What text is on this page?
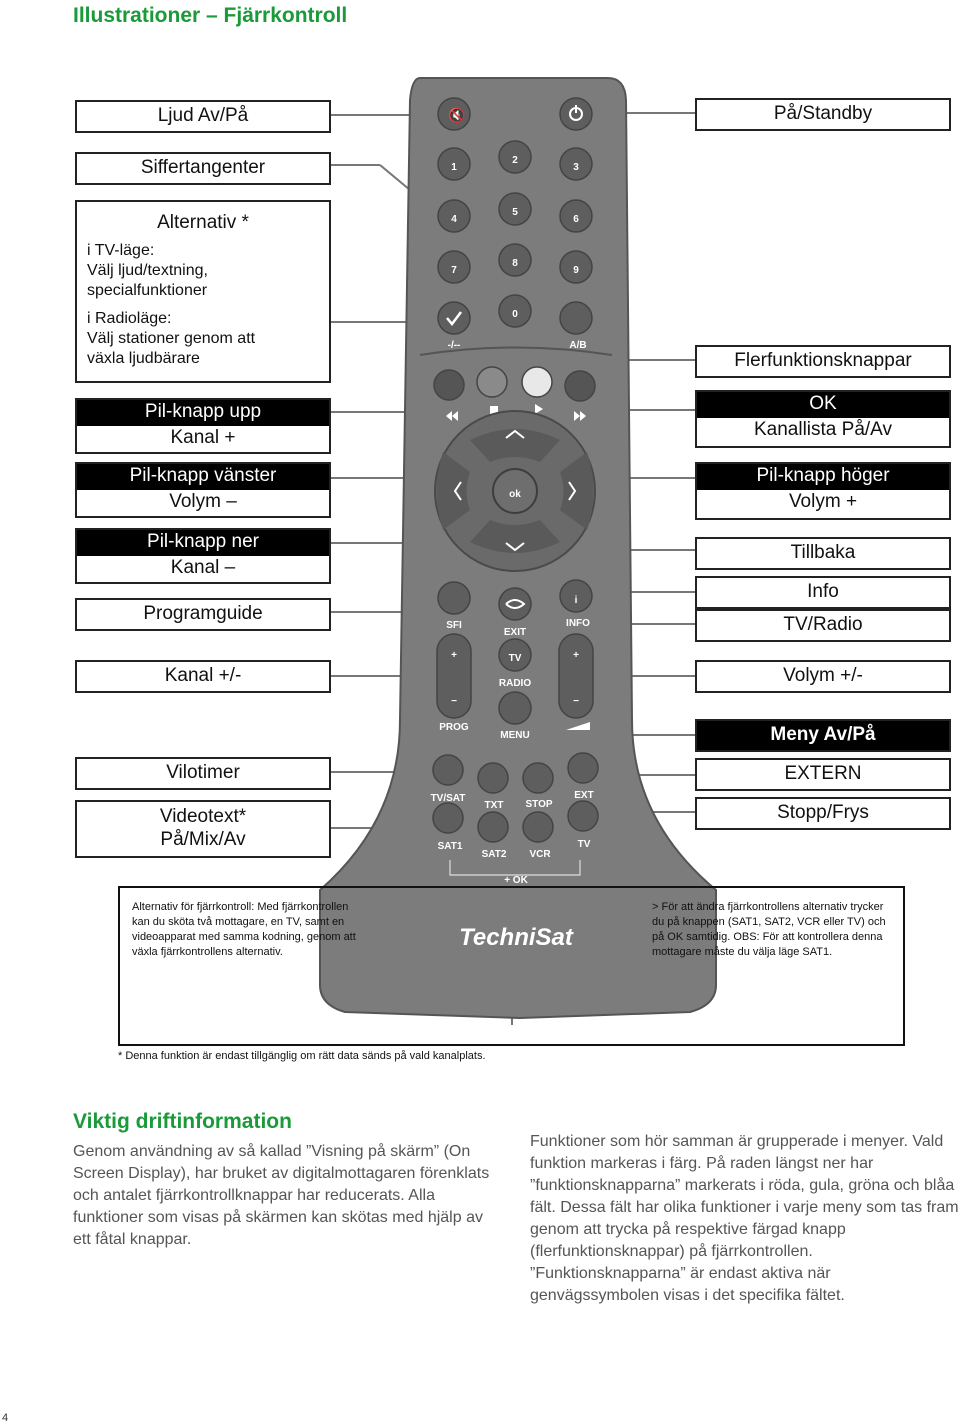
Illustrationer – Fjärrkontroll
🔇
1
2
3
4
5
6
7
8
9
0
-/--	A/B
ok
i
+
−
+
−
SFI
EXIT
INFO
TV
RADIO
PROG
MENU
TV/SAT
TXT STOP
EXT
SAT1
SAT2 VCR
TV
+ OK
TechniSat
Ljud Av/På
Siffertangenter
Alternativ *
i TV-läge:
Välj ljud/textning,
specialfunktioner
i Radioläge:
Välj stationer genom att
växla ljudbärare
Pil-knapp upp
Kanal +
Pil-knapp vänster
Volym –
Pil-knapp ner
Kanal –
Programguide
Kanal +/-
Vilotimer
Videotext*
På/Mix/Av
På/Standby
Flerfunktionsknappar
OK
Kanallista På/Av
Pil-knapp höger
Volym +
Tillbaka
Info
TV/Radio
Volym +/-
Meny Av/På
EXTERN
Stopp/Frys
Alternativ för fjärrkontroll: Med fjärrkontrollen kan du sköta två mottagare, en TV, samt en videoapparat med samma kodning, genom att växla fjärrkontrollens alternativ.
> För att ändra fjärrkontrollens alternativ trycker du på knappen (SAT1, SAT2, VCR eller TV) och på OK samtidig. OBS: För att kontrollera denna mottagare måste du välja läge SAT1.
* Denna funktion är endast tillgänglig om rätt data sänds på vald kanalplats.
Viktig driftinformation
Genom användning av så kallad ”Visning på skärm” (On Screen Display), har bruket av digitalmottagaren förenklats och antalet fjärrkontrollknappar har reducerats. Alla funktioner som visas på skärmen kan skötas med hjälp av ett fåtal knappar.
Funktioner som hör samman är grupperade i menyer. Vald funktion markeras i färg. På raden längst ner har ”funktionsknapparna” markerats i röda, gula, gröna och blåa fält. Dessa fält har olika funktioner i varje meny som tas fram genom att trycka på respektive färgad knapp (flerfunktionsknappar) på fjärrkontrollen. ”Funktionsknapparna” är endast aktiva när genvägssymbolen visas i det specifika fältet.
4
